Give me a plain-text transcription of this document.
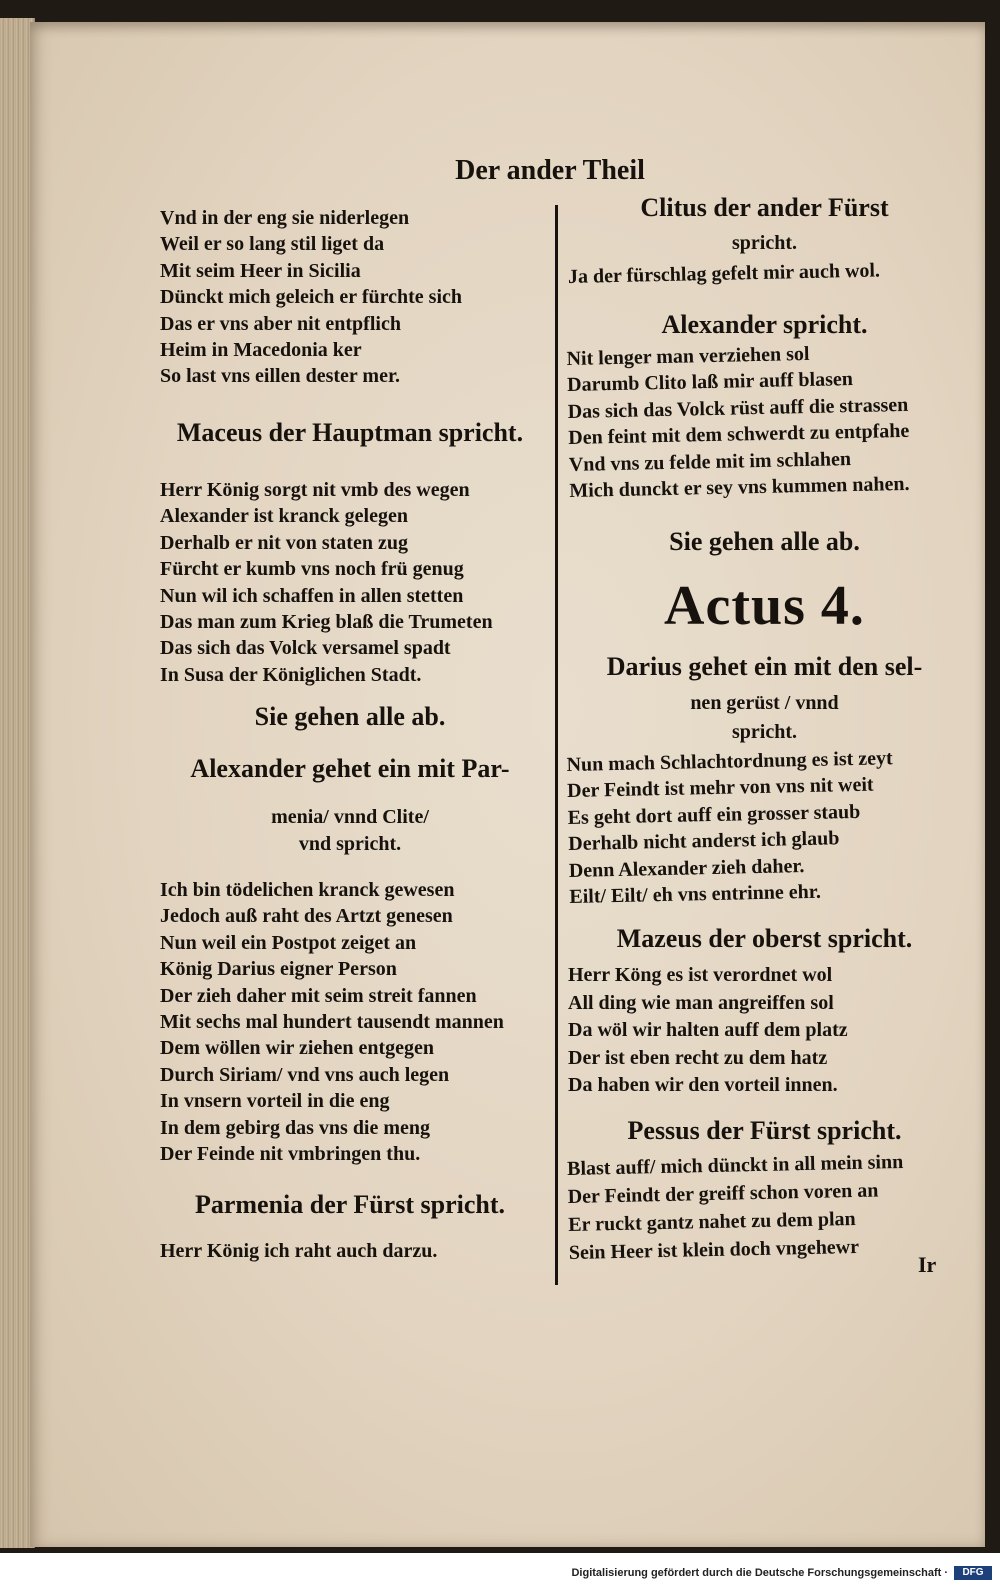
Der ander Theil
Vnd in der eng sie niderlegen
Weil er so lang stil liget da
Mit seim Heer in Sicilia
Dünckt mich geleich er fürchte sich
Das er vns aber nit entpflich
Heim in Macedonia ker
So last vns eillen dester mer.
Maceus der Hauptman spricht.
Herr König sorgt nit vmb des wegen
Alexander ist kranck gelegen
Derhalb er nit von staten zug
Fürcht er kumb vns noch frü genug
Nun wil ich schaffen in allen stetten
Das man zum Krieg blaß die Trumeten
Das sich das Volck versamel spadt
In Susa der Königlichen Stadt.
Sie gehen alle ab.
Alexander gehet ein mit Par-
menia/ vnnd Clite/
vnd spricht.
Ich bin tödelichen kranck gewesen
Jedoch auß raht des Artzt genesen
Nun weil ein Postpot zeiget an
König Darius eigner Person
Der zieh daher mit seim streit fannen
Mit sechs mal hundert tausendt mannen
Dem wöllen wir ziehen entgegen
Durch Siriam/ vnd vns auch legen
In vnsern vorteil in die eng
In dem gebirg das vns die meng
Der Feinde nit vmbringen thu.
Parmenia der Fürst spricht.
Herr König ich raht auch darzu.
Clitus der ander Fürst
spricht.
Ja der fürschlag gefelt mir auch wol.
Alexander spricht.
Nit lenger man verziehen sol
Darumb Clito laß mir auff blasen
Das sich das Volck rüst auff die strassen
Den feint mit dem schwerdt zu entpfahe
Vnd vns zu felde mit im schlahen
Mich dunckt er sey vns kummen nahen.
Sie gehen alle ab.
Actus 4.
Darius gehet ein mit den sel-
nen gerüst / vnnd
spricht.
Nun mach Schlachtordnung es ist zeyt
Der Feindt ist mehr von vns nit weit
Es geht dort auff ein grosser staub
Derhalb nicht anderst ich glaub
Denn Alexander zieh daher.
Eilt/ Eilt/ eh vns entrinne ehr.
Mazeus der oberst spricht.
Herr Köng es ist verordnet wol
All ding wie man angreiffen sol
Da wöl wir halten auff dem platz
Der ist eben recht zu dem hatz
Da haben wir den vorteil innen.
Pessus der Fürst spricht.
Blast auff/ mich dünckt in all mein sinn
Der Feindt der greiff schon voren an
Er ruckt gantz nahet zu dem plan
Sein Heer ist klein doch vngehewr
Ir
Digitalisierung gefördert durch die Deutsche Forschungsgemeinschaft ·	DFG
